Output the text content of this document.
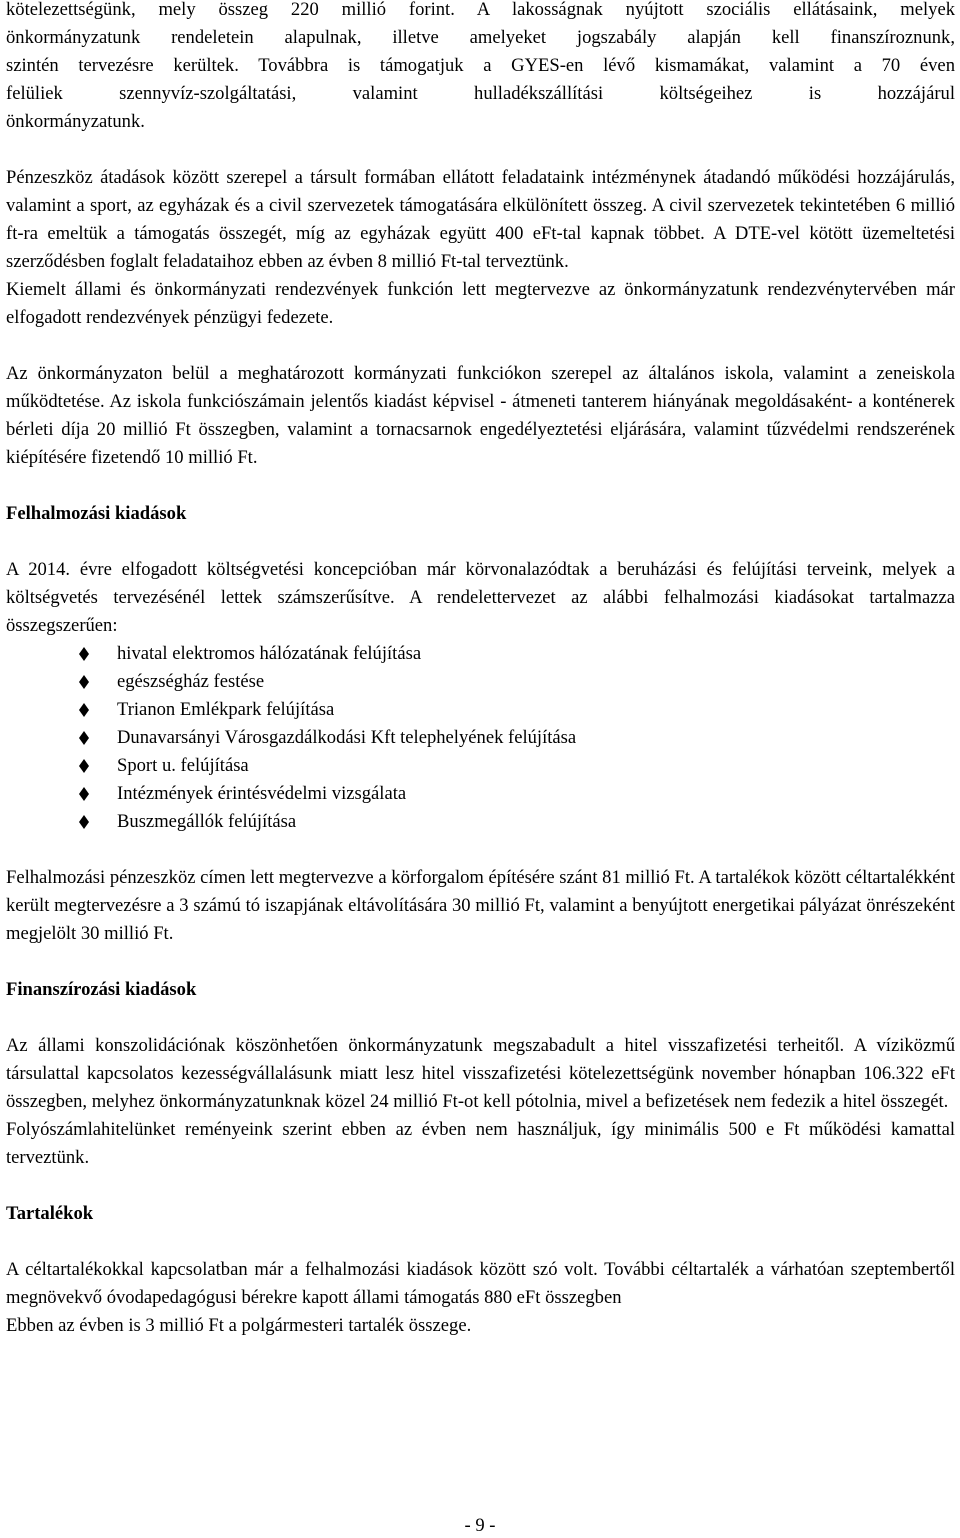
kötelezettségünk, mely összeg 220 millió forint. A lakosságnak nyújtott szociális ellátásaink, melyek
önkormányzatunk rendeletein alapulnak, illetve amelyeket jogszabály alapján kell finanszíroznunk,
szintén tervezésre kerültek. Továbbra is támogatjuk a GYES-en lévő kismamákat, valamint a 70 éven
felüliek szennyvíz-szolgáltatási, valamint hulladékszállítási költségeihez is hozzájárul
önkormányzatunk.

Pénzeszköz átadások között szerepel a társult formában ellátott feladataink intézménynek átadandó működési hozzájárulás, valamint a sport, az egyházak és a civil szervezetek támogatására elkülönített összeg. A civil szervezetek tekintetében 6 millió ft-ra emeltük a támogatás összegét, míg az egyházak együtt 400 eFt-tal kapnak többet. A DTE-vel kötött üzemeltetési szerződésben foglalt feladataihoz ebben az évben 8 millió Ft-tal terveztünk.

Kiemelt állami és önkormányzati rendezvények funkción lett megtervezve az önkormányzatunk rendezvénytervében már elfogadott rendezvények pénzügyi fedezete.

Az önkormányzaton belül a meghatározott kormányzati funkciókon szerepel az általános iskola, valamint a zeneiskola működtetése. Az iskola funkciószámain jelentős kiadást képvisel - átmeneti tanterem hiányának megoldásaként- a konténerek bérleti díja 20 millió Ft összegben, valamint a tornacsarnok engedélyeztetési eljárására, valamint tűzvédelmi rendszerének kiépítésére fizetendő 10 millió Ft.

Felhalmozási kiadások

A 2014. évre elfogadott költségvetési koncepcióban már körvonalazódtak a beruházási és felújítási terveink, melyek a költségvetés tervezésénél lettek számszerűsítve. A rendelettervezet az alábbi felhalmozási kiadásokat tartalmazza összegszerűen:

hivatal elektromos hálózatának felújítása
egészségház festése
Trianon Emlékpark felújítása
Dunavarsányi Városgazdálkodási Kft telephelyének felújítása
Sport u. felújítása
Intézmények érintésvédelmi vizsgálata
Buszmegállók felújítása

Felhalmozási pénzeszköz címen lett megtervezve a körforgalom építésére szánt 81 millió Ft. A tartalékok között céltartalékként került megtervezésre a 3 számú tó iszapjának eltávolítására 30 millió Ft, valamint a benyújtott energetikai pályázat önrészeként megjelölt 30 millió Ft.

Finanszírozási kiadások

Az állami konszolidációnak köszönhetően önkormányzatunk megszabadult a hitel visszafizetési terheitől. A víziközmű társulattal kapcsolatos kezességvállalásunk miatt lesz hitel visszafizetési kötelezettségünk november hónapban 106.322 eFt összegben, melyhez önkormányzatunknak közel 24 millió Ft-ot kell pótolnia, mivel a befizetések nem fedezik a hitel összegét.

Folyószámlahitelünket reményeink szerint ebben az évben nem használjuk, így minimális 500 e Ft működési kamattal terveztünk.

Tartalékok

A céltartalékokkal kapcsolatban már a felhalmozási kiadások között szó volt. További céltartalék a várhatóan szeptembertől megnövekvő óvodapedagógusi bérekre kapott állami támogatás 880 eFt összegben

Ebben az évben is 3 millió Ft a polgármesteri tartalék összege.

- 9 -
